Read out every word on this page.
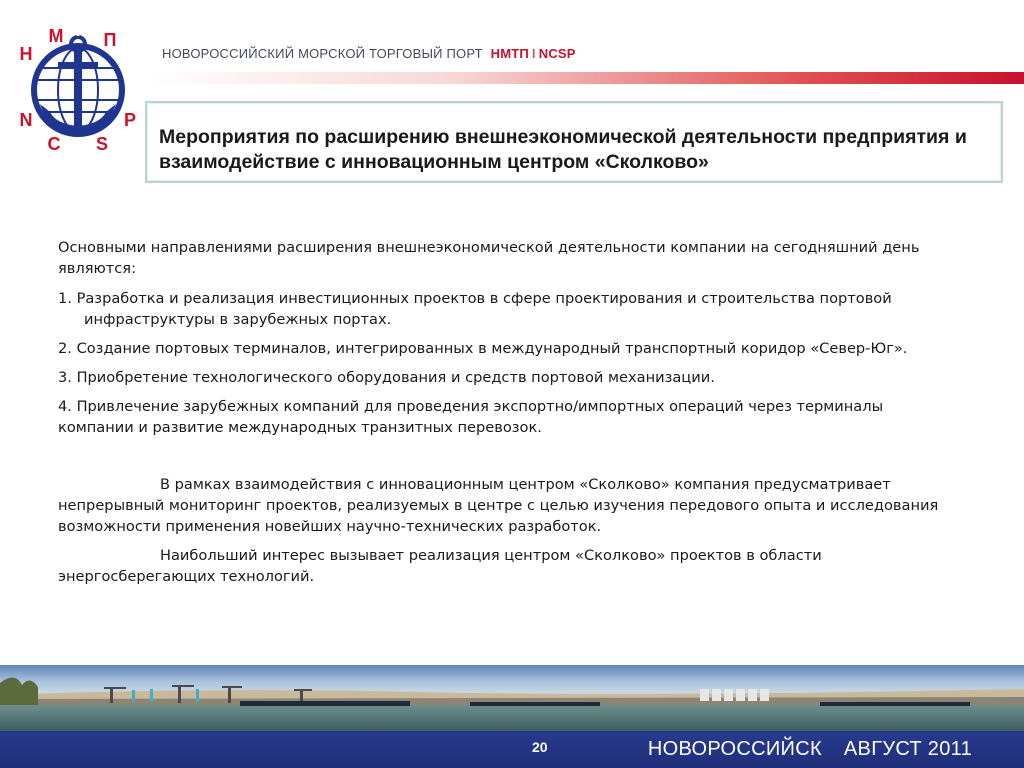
Н
М Т П
N
C S
P
НОВОРОССИЙСКИЙ МОРСКОЙ ТОРГОВЫЙ ПОРТ НМТП I NCSP
Мероприятия по расширению внешнеэкономической деятельности предприятия и взаимодействие с инновационным центром «Сколково»

Основными направлениями расширения внешнеэкономической деятельности компании на сегодняшний день являются:

1. Разработка и реализация инвестиционных проектов в сфере проектирования и строительства портовой инфраструктуры в зарубежных портах.

2. Создание портовых терминалов, интегрированных в международный транспортный коридор «Север-Юг».

3. Приобретение технологического оборудования и средств портовой механизации.

4. Привлечение зарубежных компаний для проведения экспортно/импортных операций через терминалы компании и развитие международных транзитных перевозок.

В рамках взаимодействия с инновационным центром «Сколково» компания предусматривает непрерывный мониторинг проектов, реализуемых в центре с целью изучения передового опыта и исследования возможности применения новейших научно-технических разработок.

Наибольший интерес вызывает реализация центром «Сколково» проектов в области энергосберегающих технологий.

20	НОВОРОССИЙСК АВГУСТ 2011
